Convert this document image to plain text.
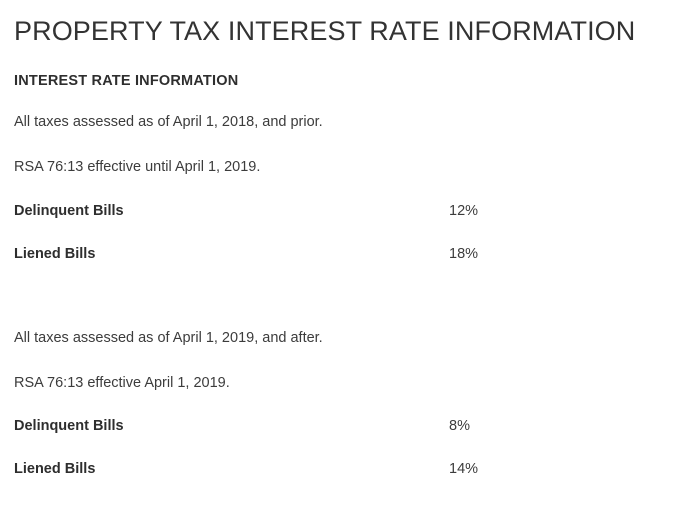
PROPERTY TAX INTEREST RATE INFORMATION
INTEREST RATE INFORMATION

All taxes assessed as of April 1, 2018, and prior.

RSA 76:13 effective until April 1, 2019.

Delinquent Bills	12%
Liened Bills	18%

All taxes assessed as of April 1, 2019, and after.

RSA 76:13 effective April 1, 2019.

Delinquent Bills	8%
Liened Bills	14%
